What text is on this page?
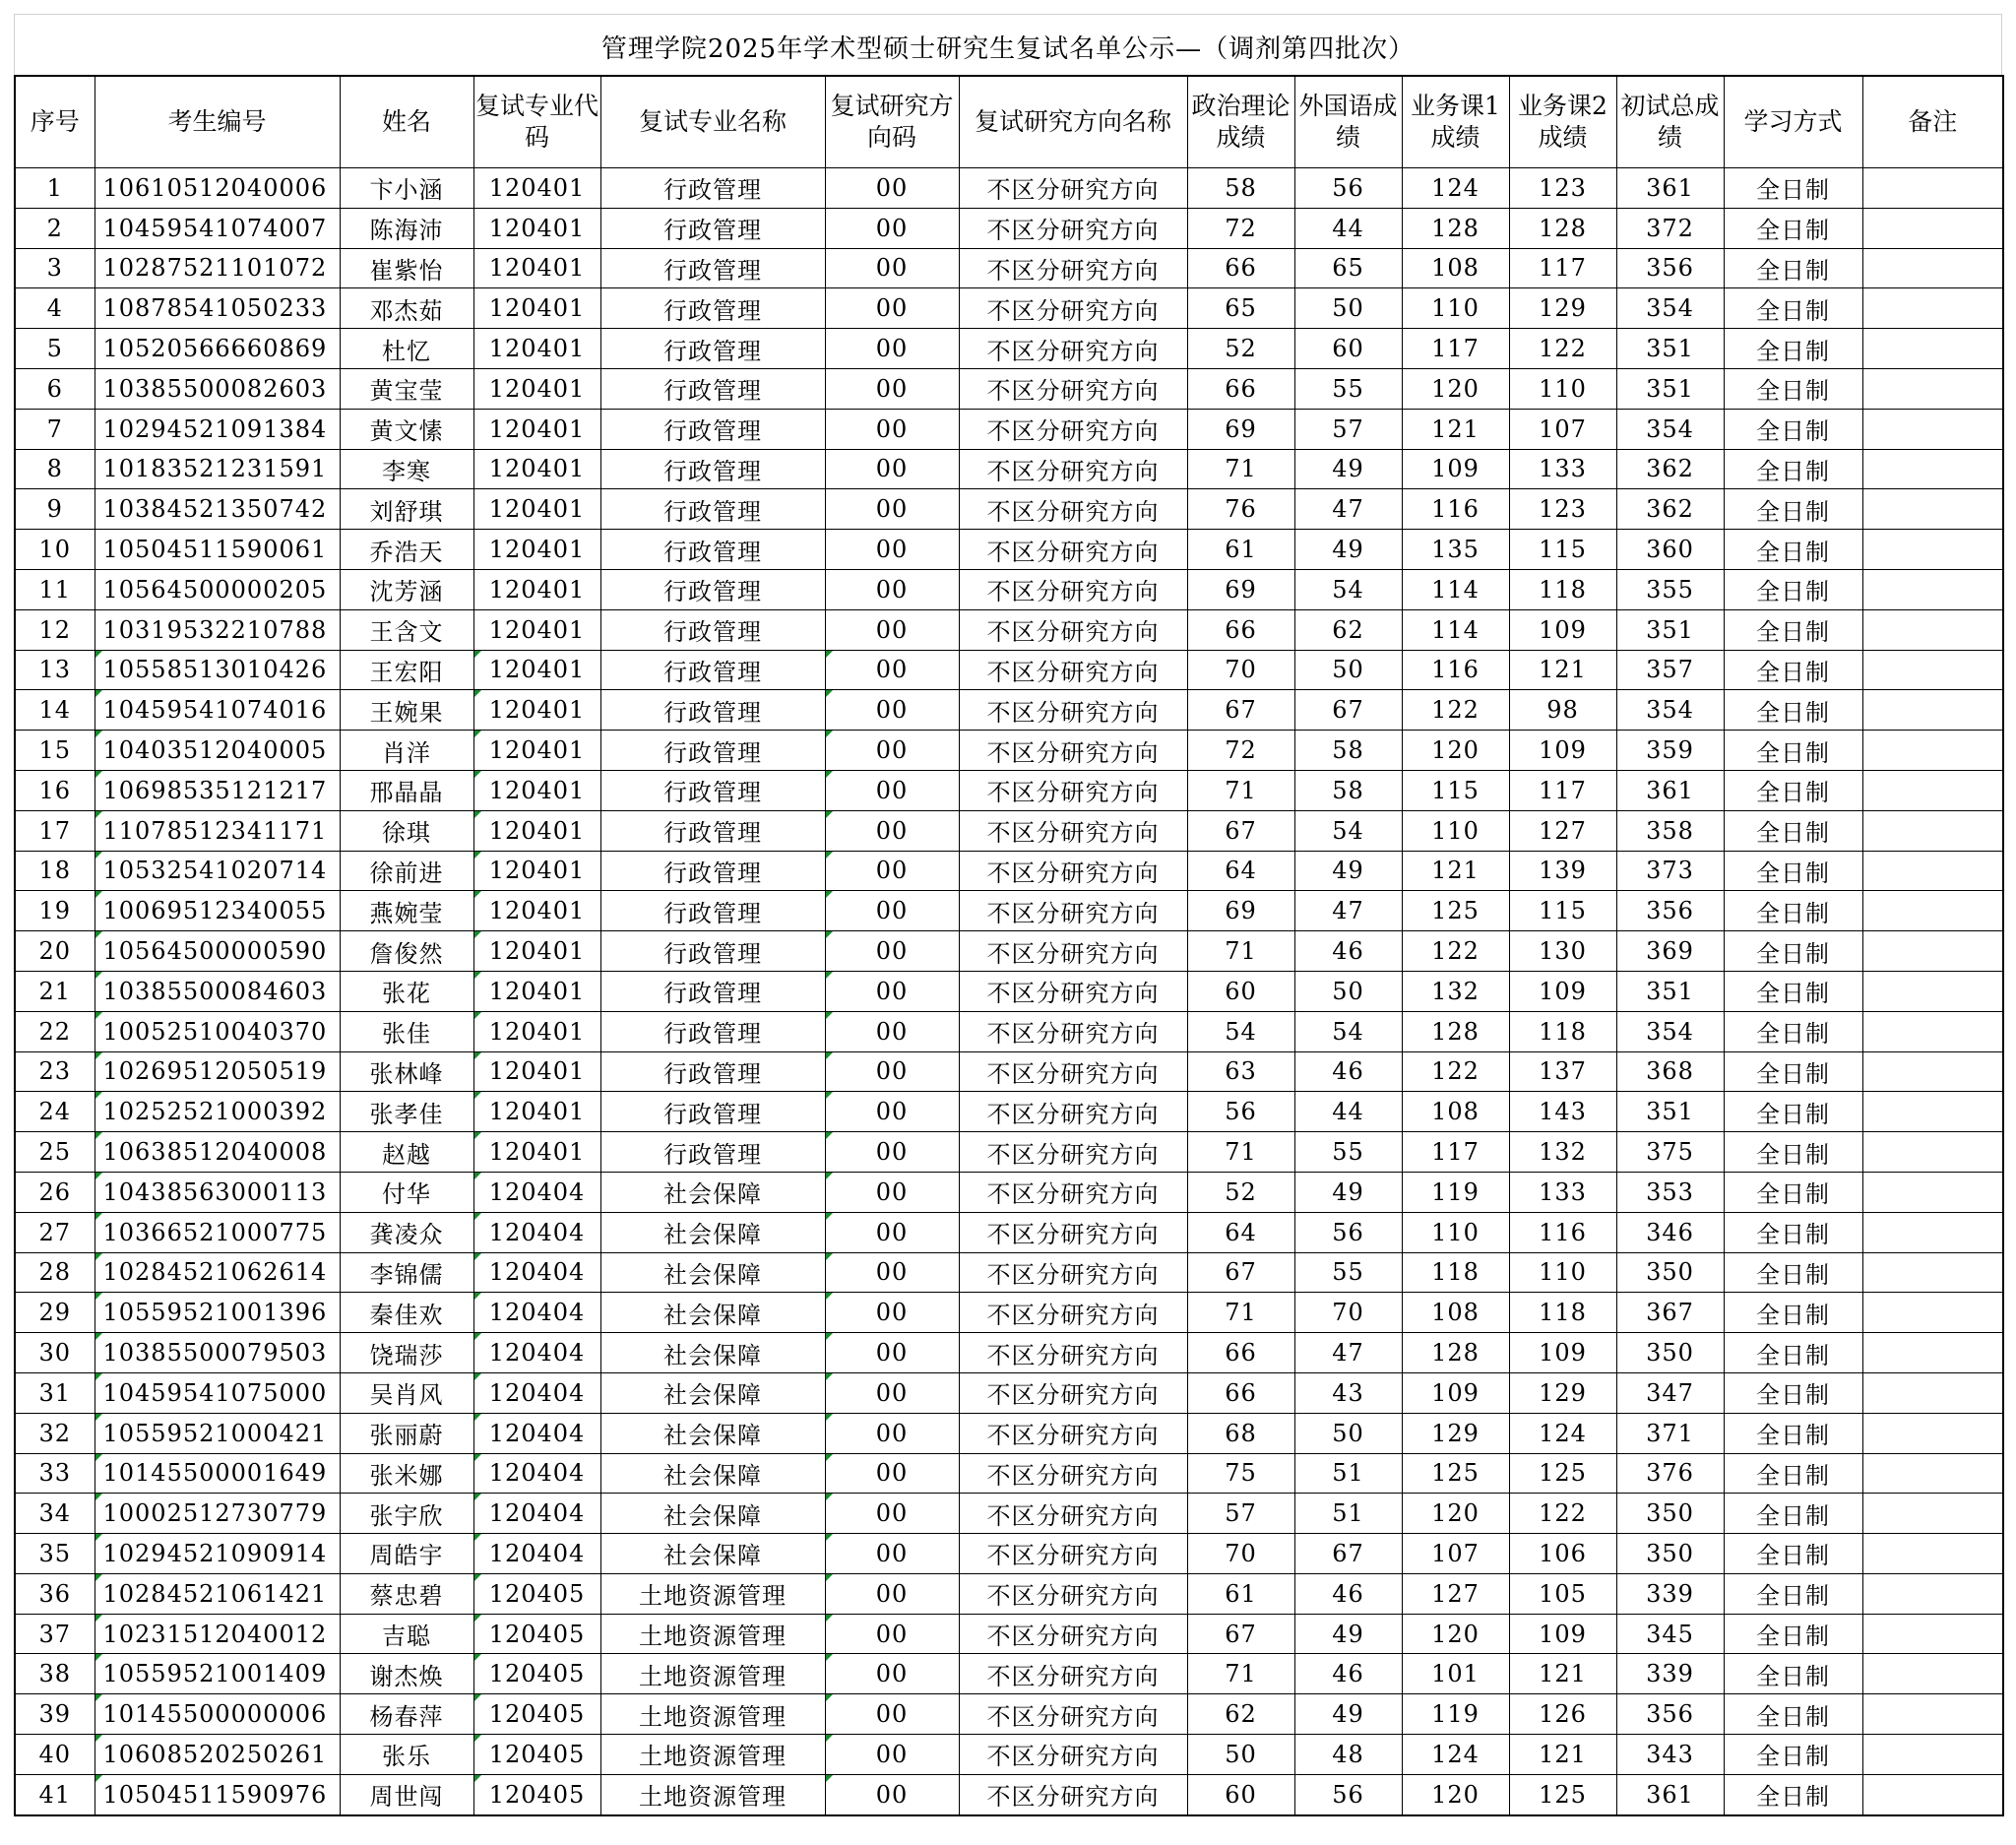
管理学院2025年学术型硕士研究生复试名单公示—（调剂第四批次）
序号	考生编号	姓名	复试专业代码	复试专业名称	复试研究方向码	复试研究方向名称	政治理论成绩	外国语成绩	业务课1成绩	业务课2成绩	初试总成绩	学习方式	备注
1	10610512040006	卞小涵	120401	行政管理	00	不区分研究方向	58	56	124	123	361	全日制	
2	10459541074007	陈海沛	120401	行政管理	00	不区分研究方向	72	44	128	128	372	全日制	
3	10287521101072	崔紫怡	120401	行政管理	00	不区分研究方向	66	65	108	117	356	全日制	
4	10878541050233	邓杰茹	120401	行政管理	00	不区分研究方向	65	50	110	129	354	全日制	
5	10520566660869	杜忆	120401	行政管理	00	不区分研究方向	52	60	117	122	351	全日制	
6	10385500082603	黄宝莹	120401	行政管理	00	不区分研究方向	66	55	120	110	351	全日制	
7	10294521091384	黄文愫	120401	行政管理	00	不区分研究方向	69	57	121	107	354	全日制	
8	10183521231591	李寒	120401	行政管理	00	不区分研究方向	71	49	109	133	362	全日制	
9	10384521350742	刘舒琪	120401	行政管理	00	不区分研究方向	76	47	116	123	362	全日制	
10	10504511590061	乔浩天	120401	行政管理	00	不区分研究方向	61	49	135	115	360	全日制	
11	10564500000205	沈芳涵	120401	行政管理	00	不区分研究方向	69	54	114	118	355	全日制	
12	10319532210788	王含文	120401	行政管理	00	不区分研究方向	66	62	114	109	351	全日制	
13	10558513010426	王宏阳	120401	行政管理	00	不区分研究方向	70	50	116	121	357	全日制	
14	10459541074016	王婉果	120401	行政管理	00	不区分研究方向	67	67	122	98	354	全日制	
15	10403512040005	肖洋	120401	行政管理	00	不区分研究方向	72	58	120	109	359	全日制	
16	10698535121217	邢晶晶	120401	行政管理	00	不区分研究方向	71	58	115	117	361	全日制	
17	11078512341171	徐琪	120401	行政管理	00	不区分研究方向	67	54	110	127	358	全日制	
18	10532541020714	徐前进	120401	行政管理	00	不区分研究方向	64	49	121	139	373	全日制	
19	10069512340055	燕婉莹	120401	行政管理	00	不区分研究方向	69	47	125	115	356	全日制	
20	10564500000590	詹俊然	120401	行政管理	00	不区分研究方向	71	46	122	130	369	全日制	
21	10385500084603	张花	120401	行政管理	00	不区分研究方向	60	50	132	109	351	全日制	
22	10052510040370	张佳	120401	行政管理	00	不区分研究方向	54	54	128	118	354	全日制	
23	10269512050519	张林峰	120401	行政管理	00	不区分研究方向	63	46	122	137	368	全日制	
24	10252521000392	张孝佳	120401	行政管理	00	不区分研究方向	56	44	108	143	351	全日制	
25	10638512040008	赵越	120401	行政管理	00	不区分研究方向	71	55	117	132	375	全日制	
26	10438563000113	付华	120404	社会保障	00	不区分研究方向	52	49	119	133	353	全日制	
27	10366521000775	龚凌众	120404	社会保障	00	不区分研究方向	64	56	110	116	346	全日制	
28	10284521062614	李锦儒	120404	社会保障	00	不区分研究方向	67	55	118	110	350	全日制	
29	10559521001396	秦佳欢	120404	社会保障	00	不区分研究方向	71	70	108	118	367	全日制	
30	10385500079503	饶瑞莎	120404	社会保障	00	不区分研究方向	66	47	128	109	350	全日制	
31	10459541075000	吴肖风	120404	社会保障	00	不区分研究方向	66	43	109	129	347	全日制	
32	10559521000421	张丽蔚	120404	社会保障	00	不区分研究方向	68	50	129	124	371	全日制	
33	10145500001649	张米娜	120404	社会保障	00	不区分研究方向	75	51	125	125	376	全日制	
34	10002512730779	张宇欣	120404	社会保障	00	不区分研究方向	57	51	120	122	350	全日制	
35	10294521090914	周皓宇	120404	社会保障	00	不区分研究方向	70	67	107	106	350	全日制	
36	10284521061421	蔡忠碧	120405	土地资源管理	00	不区分研究方向	61	46	127	105	339	全日制	
37	10231512040012	吉聪	120405	土地资源管理	00	不区分研究方向	67	49	120	109	345	全日制	
38	10559521001409	谢杰焕	120405	土地资源管理	00	不区分研究方向	71	46	101	121	339	全日制	
39	10145500000006	杨春萍	120405	土地资源管理	00	不区分研究方向	62	49	119	126	356	全日制	
40	10608520250261	张乐	120405	土地资源管理	00	不区分研究方向	50	48	124	121	343	全日制	
41	10504511590976	周世闯	120405	土地资源管理	00	不区分研究方向	60	56	120	125	361	全日制	
